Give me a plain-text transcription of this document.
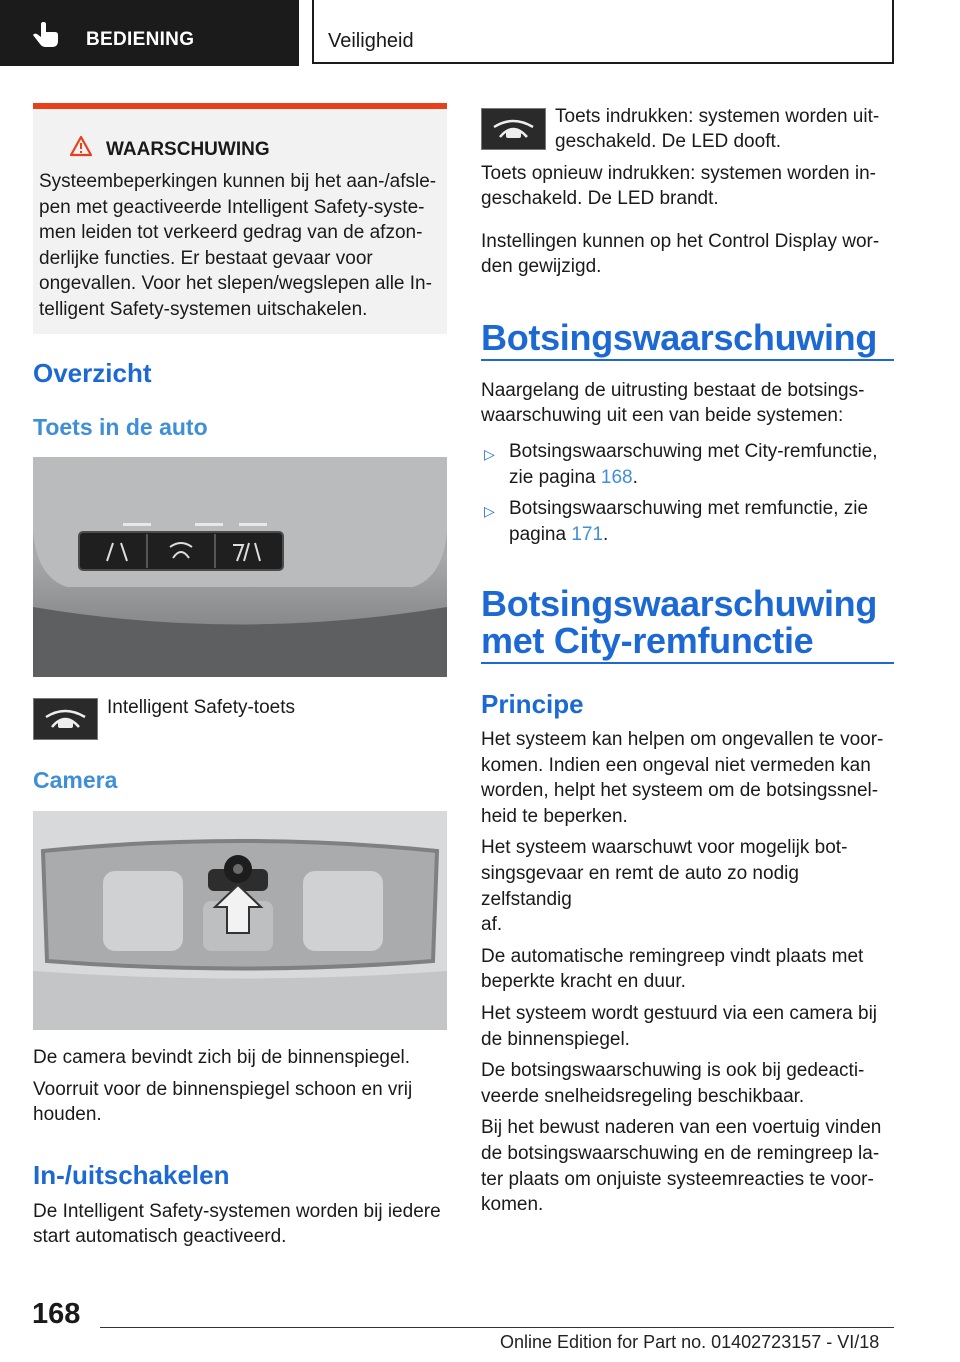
BEDIENING	Veiligheid
WAARSCHUWING
Systeembeperkingen kunnen bij het aan-/afsle-
pen met geactiveerde Intelligent Safety-syste-
men leiden tot verkeerd gedrag van de afzon-
derlijke functies. Er bestaat gevaar voor
ongevallen. Voor het slepen/wegslepen alle In-
telligent Safety-systemen uitschakelen.
Overzicht
Toets in de auto

Intelligent Safety-toets

Camera

De camera bevindt zich bij de binnenspiegel.

Voorruit voor de binnenspiegel schoon en vrij

houden.

In-/uitschakelen

De Intelligent Safety-systemen worden bij iedere

start automatisch geactiveerd.

Toets indrukken: systemen worden uit-

geschakeld. De LED dooft.

Toets opnieuw indrukken: systemen worden in-

geschakeld. De LED brandt.

Instellingen kunnen op het Control Display wor-

den gewijzigd.

Botsingswaarschuwing

Naargelang de uitrusting bestaat de botsings-

waarschuwing uit een van beide systemen:

▷ Botsingswaarschuwing met City-remfunctie,
zie pagina 168.
▷ Botsingswaarschuwing met remfunctie, zie
pagina 171.
Botsingswaarschuwing
met City-remfunctie
Principe
Het systeem kan helpen om ongevallen te voor-
komen. Indien een ongeval niet vermeden kan
worden, helpt het systeem om de botsingssnel-
heid te beperken.
Het systeem waarschuwt voor mogelijk bot-
singsgevaar en remt de auto zo nodig zelfstandig
af.
De automatische remingreep vindt plaats met
beperkte kracht en duur.
Het systeem wordt gestuurd via een camera bij
de binnenspiegel.
De botsingswaarschuwing is ook bij gedeacti-
veerde snelheidsregeling beschikbaar.
Bij het bewust naderen van een voertuig vinden
de botsingswaarschuwing en de remingreep la-
ter plaats om onjuiste systeemreacties te voor-
komen.
168
Online Edition for Part no. 01402723157 - VI/18
